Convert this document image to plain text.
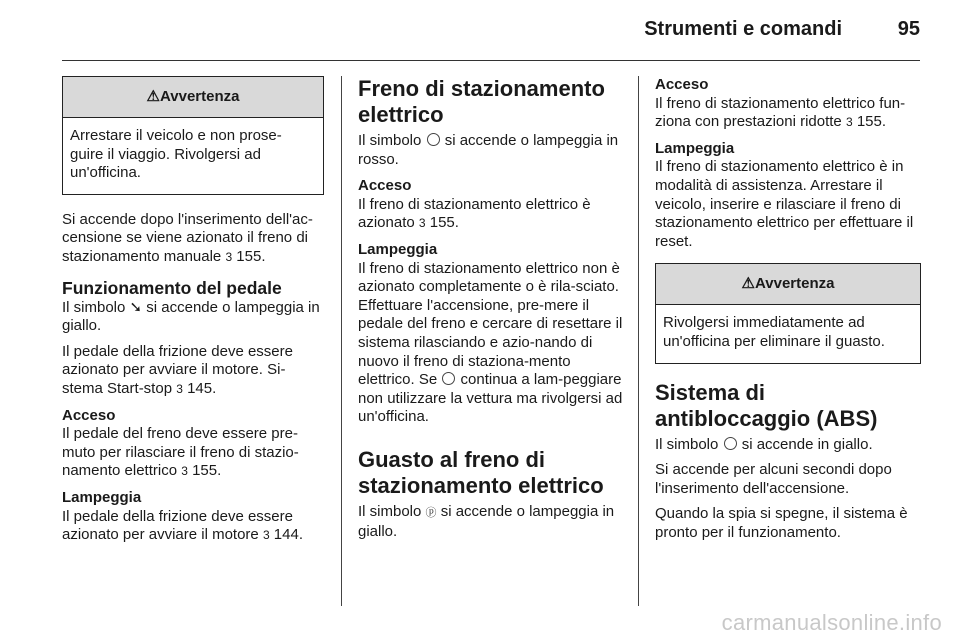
Strumenti e comandi	95
⚠Avvertenza
Arrestare il veicolo e non prose-guire il viaggio. Rivolgersi ad un'officina.

Si accende dopo l'inserimento dell'ac-censione se viene azionato il freno di stazionamento manuale 3 155.

Funzionamento del pedale

Il simbolo ➘ si accende o lampeggia in giallo.

Il pedale della frizione deve essere azionato per avviare il motore. Si-stema Start-stop 3 145.

Acceso

Il pedale del freno deve essere pre-muto per rilasciare il freno di stazio-namento elettrico 3 155.

Lampeggia

Il pedale della frizione deve essere azionato per avviare il motore 3 144.

Freno di stazionamento elettrico

Il simbolo  si accende o lampeggia in rosso.

Acceso

Il freno di stazionamento elettrico è azionato 3 155.

Lampeggia

Il freno di stazionamento elettrico non è azionato completamente o è rila-sciato. Effettuare l'accensione, pre-mere il pedale del freno e cercare di resettare il sistema rilasciando e azio-nando di nuovo il freno di staziona-mento elettrico. Se  continua a lam-peggiare non utilizzare la vettura ma rivolgersi ad un'officina.

Guasto al freno di stazionamento elettrico

Il simbolo ⓟ si accende o lampeggia in giallo.

Acceso

Il freno di stazionamento elettrico fun-ziona con prestazioni ridotte 3 155.

Lampeggia

Il freno di stazionamento elettrico è in modalità di assistenza. Arrestare il veicolo, inserire e rilasciare il freno di stazionamento elettrico per effettuare il reset.

⚠Avvertenza
Rivolgersi immediatamente ad un'officina per eliminare il guasto.
Sistema di antibloccaggio (ABS)

Il simbolo  si accende in giallo.

Si accende per alcuni secondi dopo l'inserimento dell'accensione.

Quando la spia si spegne, il sistema è pronto per il funzionamento.

carmanualsonline.info
